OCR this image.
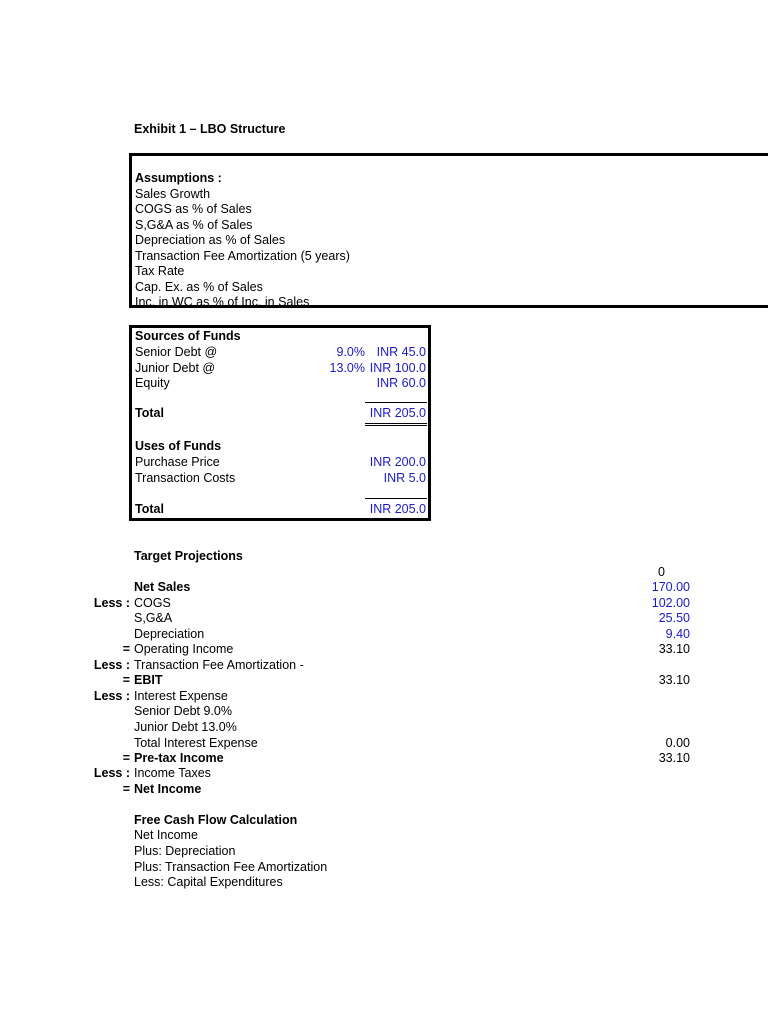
Exhibit 1 – LBO Structure
Assumptions :
Sales Growth
COGS as % of Sales
S,G&A as % of Sales
Depreciation as % of Sales
Transaction Fee Amortization (5 years)
Tax Rate
Cap. Ex. as % of Sales
Inc. in WC as % of Inc. in Sales
Sources of Funds
Senior Debt @	9.0% INR 45.0
Junior Debt @	13.0% INR 100.0
Equity	INR 60.0
Total	INR 205.0
Uses of Funds
Purchase Price	INR 200.0
Transaction Costs	INR 5.0
Total	INR 205.0
Target Projections
0
Net Sales	170.00
Less : COGS	102.00
S,G&A	25.50
Depreciation	9.40
= Operating Income	33.10
Less : Transaction Fee Amortization -
= EBIT	33.10
Less : Interest Expense
Senior Debt 9.0%
Junior Debt 13.0%
Total Interest Expense	0.00
= Pre-tax Income	33.10
Less : Income Taxes
= Net Income
Free Cash Flow Calculation
Net Income
Plus: Depreciation
Plus: Transaction Fee Amortization
Less: Capital Expenditures
